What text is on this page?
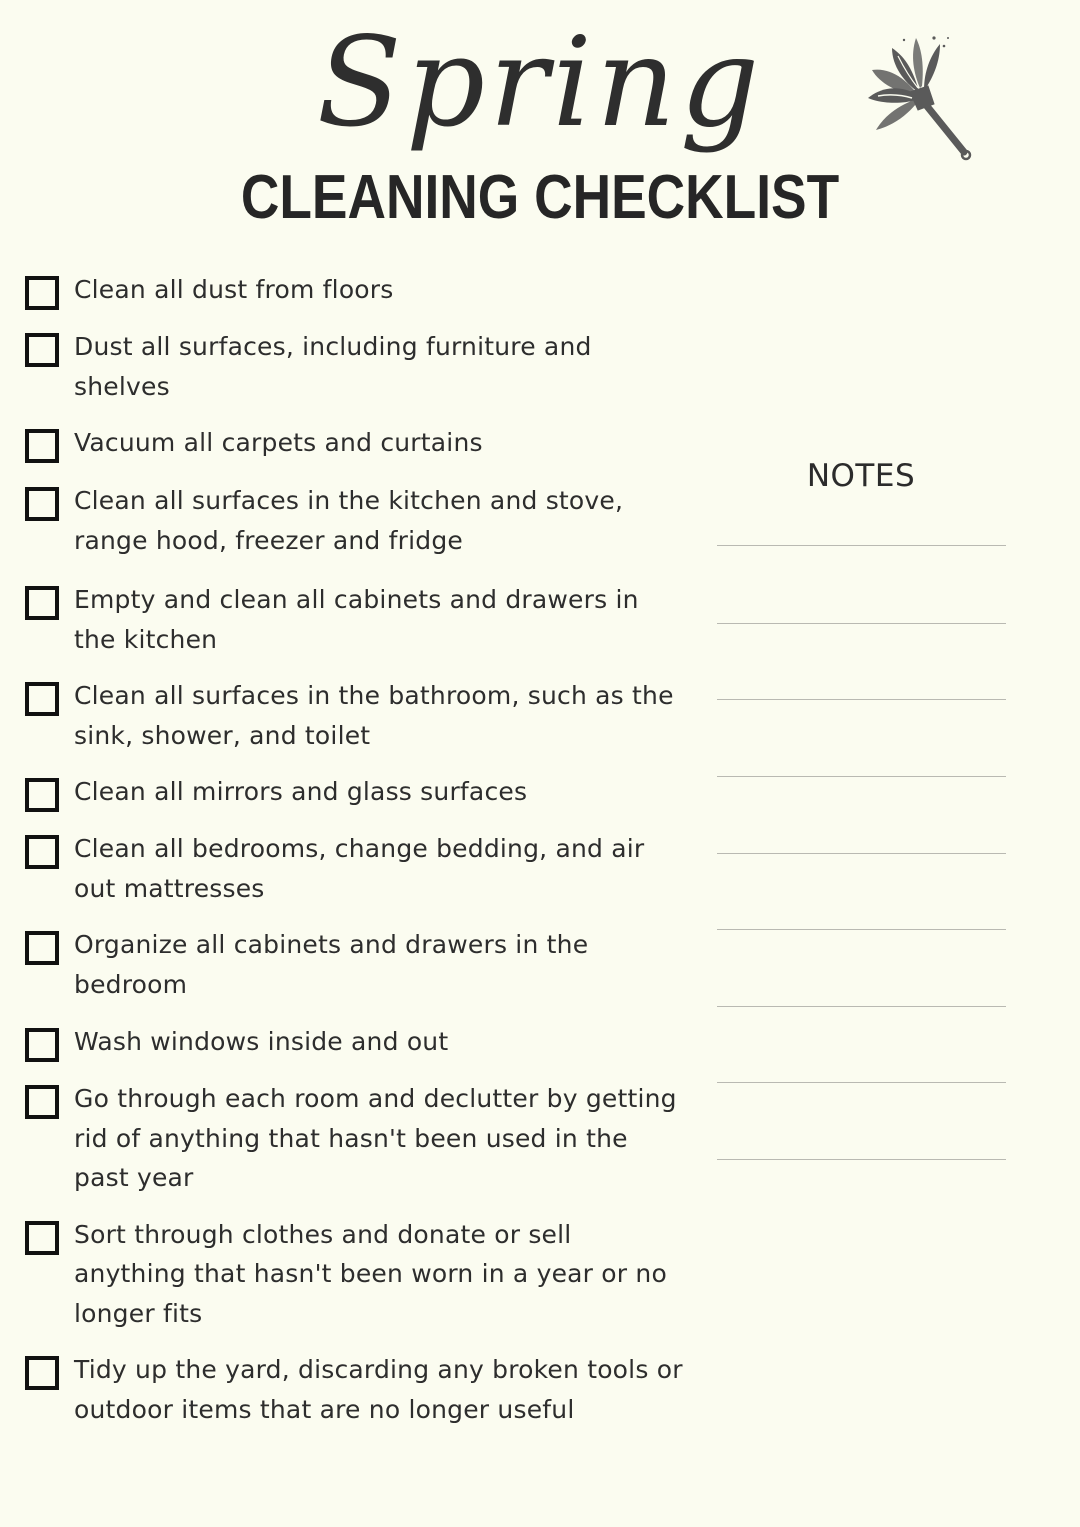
Spring
CLEANING CHECKLIST
Clean all dust from floors
Dust all surfaces, including furniture and shelves
Vacuum all carpets and curtains
Clean all surfaces in the kitchen and stove, range hood, freezer and fridge
Empty and clean all cabinets and drawers in the kitchen
Clean all surfaces in the bathroom, such as the sink, shower, and toilet
Clean all mirrors and glass surfaces
Clean all bedrooms, change bedding, and air out mattresses
Organize all cabinets and drawers in the bedroom
Wash windows inside and out
Go through each room and declutter by getting rid of anything that hasn't been used in the past year
Sort through clothes and donate or sell anything that hasn't been worn in a year or no longer fits
Tidy up the yard, discarding any broken tools or outdoor items that are no longer useful
NOTES
